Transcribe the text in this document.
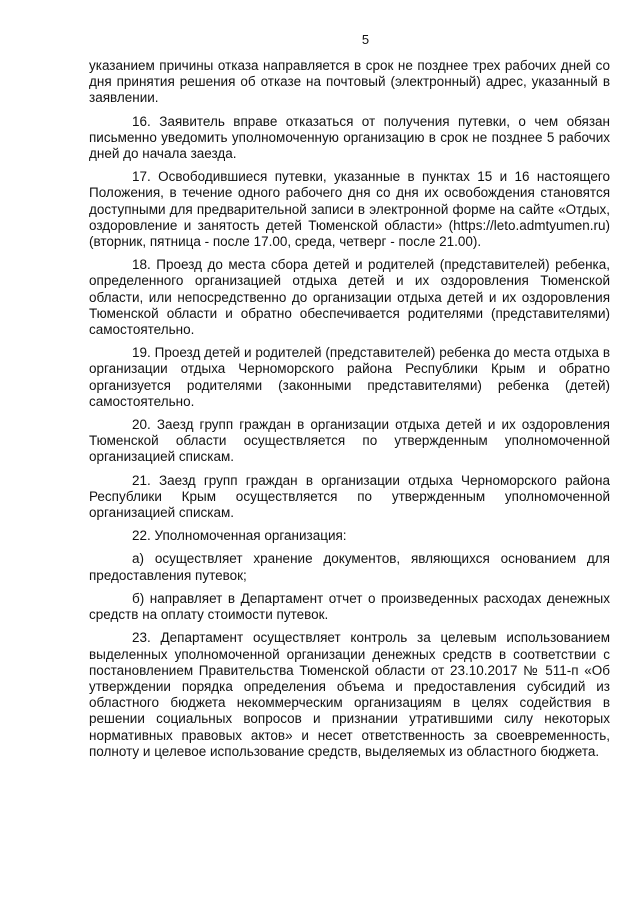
5

указанием причины отказа направляется в срок не позднее трех рабочих дней со дня принятия решения об отказе на почтовый (электронный) адрес, указанный в заявлении.

16. Заявитель вправе отказаться от получения путевки, о чем обязан письменно уведомить уполномоченную организацию в срок не позднее 5 рабочих дней до начала заезда.

17. Освободившиеся путевки, указанные в пунктах 15 и 16 настоящего Положения, в течение одного рабочего дня со дня их освобождения становятся доступными для предварительной записи в электронной форме на сайте «Отдых, оздоровление и занятость детей Тюменской области» (https://leto.admtyumen.ru) (вторник, пятница - после 17.00, среда, четверг - после 21.00).

18. Проезд до места сбора детей и родителей (представителей) ребенка, определенного организацией отдыха детей и их оздоровления Тюменской области, или непосредственно до организации отдыха детей и их оздоровления Тюменской области и обратно обеспечивается родителями (представителями) самостоятельно.

19. Проезд детей и родителей (представителей) ребенка до места отдыха в организации отдыха Черноморского района Республики Крым и обратно организуется родителями (законными представителями) ребенка (детей) самостоятельно.

20. Заезд групп граждан в организации отдыха детей и их оздоровления Тюменской области осуществляется по утвержденным уполномоченной организацией спискам.

21. Заезд групп граждан в организации отдыха Черноморского района Республики Крым осуществляется по утвержденным уполномоченной организацией спискам.

22. Уполномоченная организация:

а) осуществляет хранение документов, являющихся основанием для предоставления путевок;

б) направляет в Департамент отчет о произведенных расходах денежных средств на оплату стоимости путевок.

23. Департамент осуществляет контроль за целевым использованием выделенных уполномоченной организации денежных средств в соответствии с постановлением Правительства Тюменской области от 23.10.2017 № 511-п «Об утверждении порядка определения объема и предоставления субсидий из областного бюджета некоммерческим организациям в целях содействия в решении социальных вопросов и признании утратившими силу некоторых нормативных правовых актов» и несет ответственность за своевременность, полноту и целевое использование средств, выделяемых из областного бюджета.
